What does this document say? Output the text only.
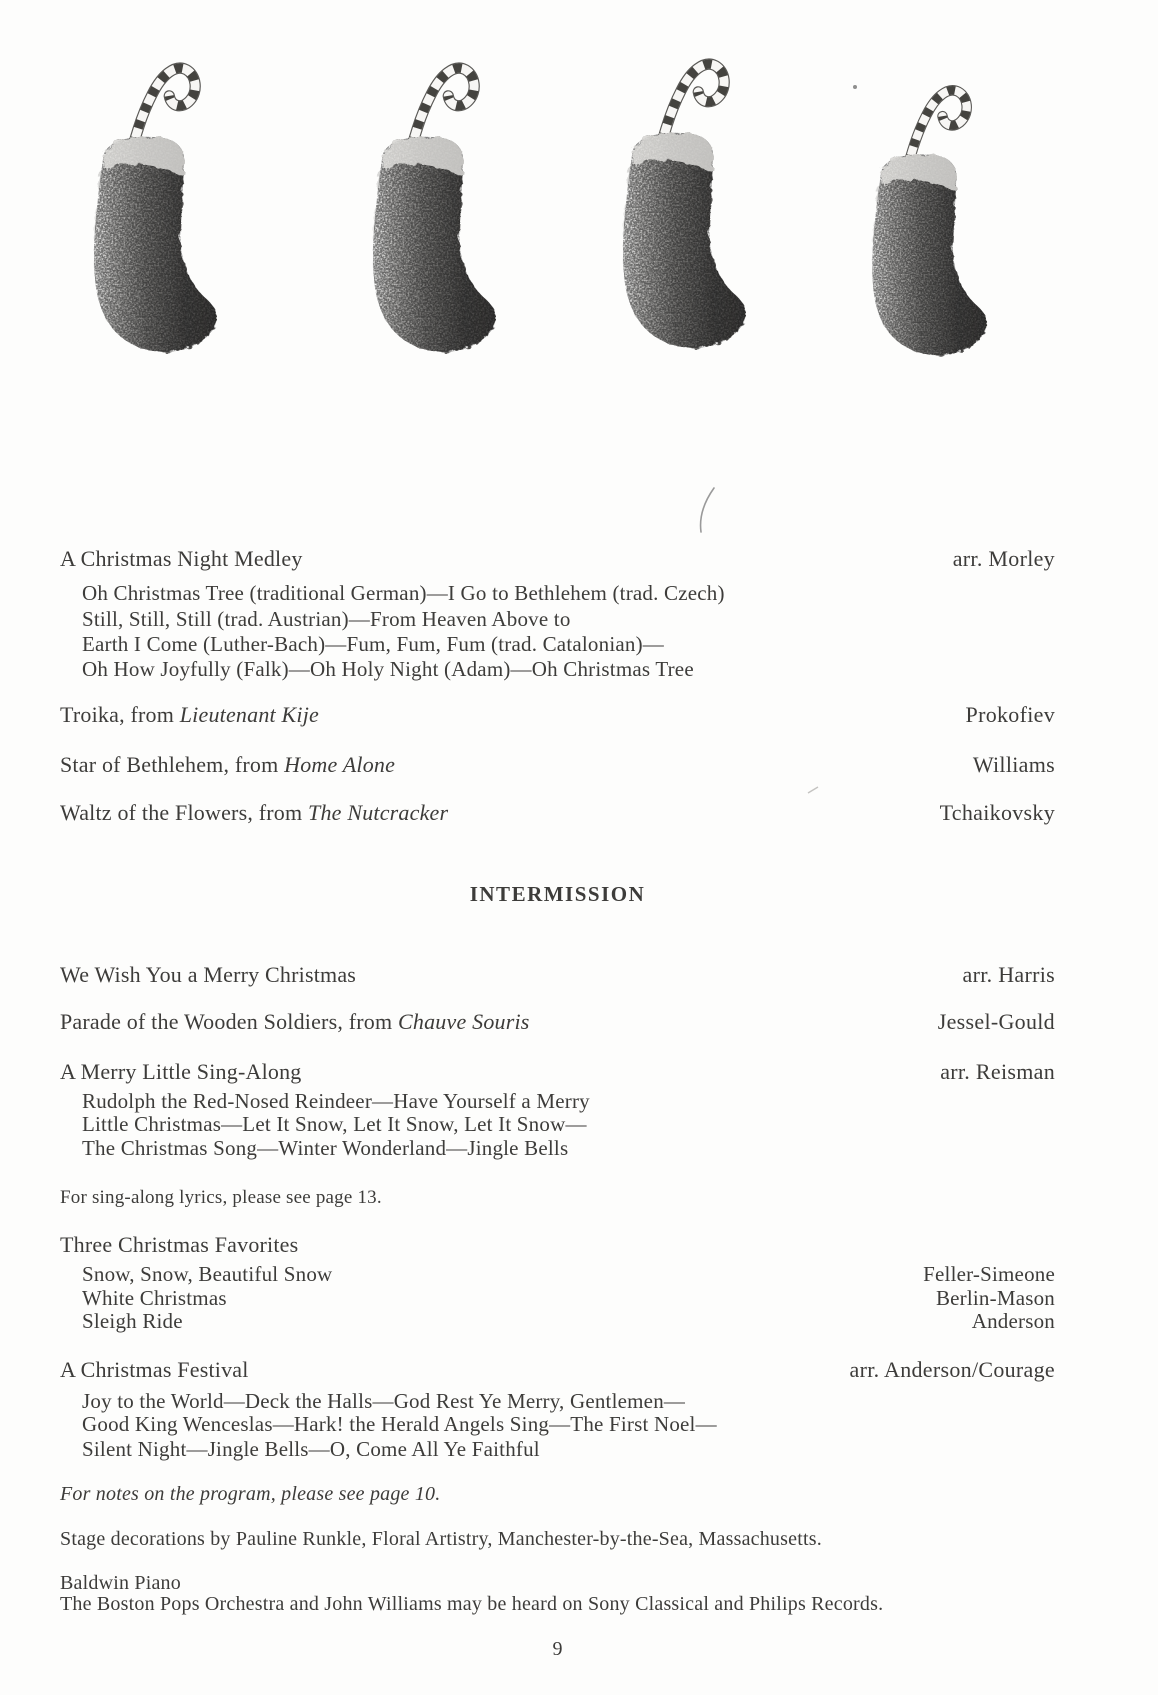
A Christmas Night Medley	arr. Morley
Oh Christmas Tree (traditional German)—I Go to Bethlehem (trad. Czech)
Still, Still, Still (trad. Austrian)—From Heaven Above to
Earth I Come (Luther-Bach)—Fum, Fum, Fum (trad. Catalonian)—
Oh How Joyfully (Falk)—Oh Holy Night (Adam)—Oh Christmas Tree
Troika, from Lieutenant Kije	Prokofiev
Star of Bethlehem, from Home Alone	Williams
Waltz of the Flowers, from The Nutcracker	Tchaikovsky
INTERMISSION
We Wish You a Merry Christmas	arr. Harris
Parade of the Wooden Soldiers, from Chauve Souris	Jessel-Gould
A Merry Little Sing-Along	arr. Reisman
Rudolph the Red-Nosed Reindeer—Have Yourself a Merry
Little Christmas—Let It Snow, Let It Snow, Let It Snow—
The Christmas Song—Winter Wonderland—Jingle Bells
For sing-along lyrics, please see page 13.
Three Christmas Favorites
Snow, Snow, Beautiful Snow	Feller-Simeone
White Christmas	Berlin-Mason
Sleigh Ride	Anderson
A Christmas Festival	arr. Anderson/Courage
Joy to the World—Deck the Halls—God Rest Ye Merry, Gentlemen—
Good King Wenceslas—Hark! the Herald Angels Sing—The First Noel—
Silent Night—Jingle Bells—O, Come All Ye Faithful
For notes on the program, please see page 10.
Stage decorations by Pauline Runkle, Floral Artistry, Manchester-by-the-Sea, Massachusetts.
Baldwin Piano
The Boston Pops Orchestra and John Williams may be heard on Sony Classical and Philips Records.
9
